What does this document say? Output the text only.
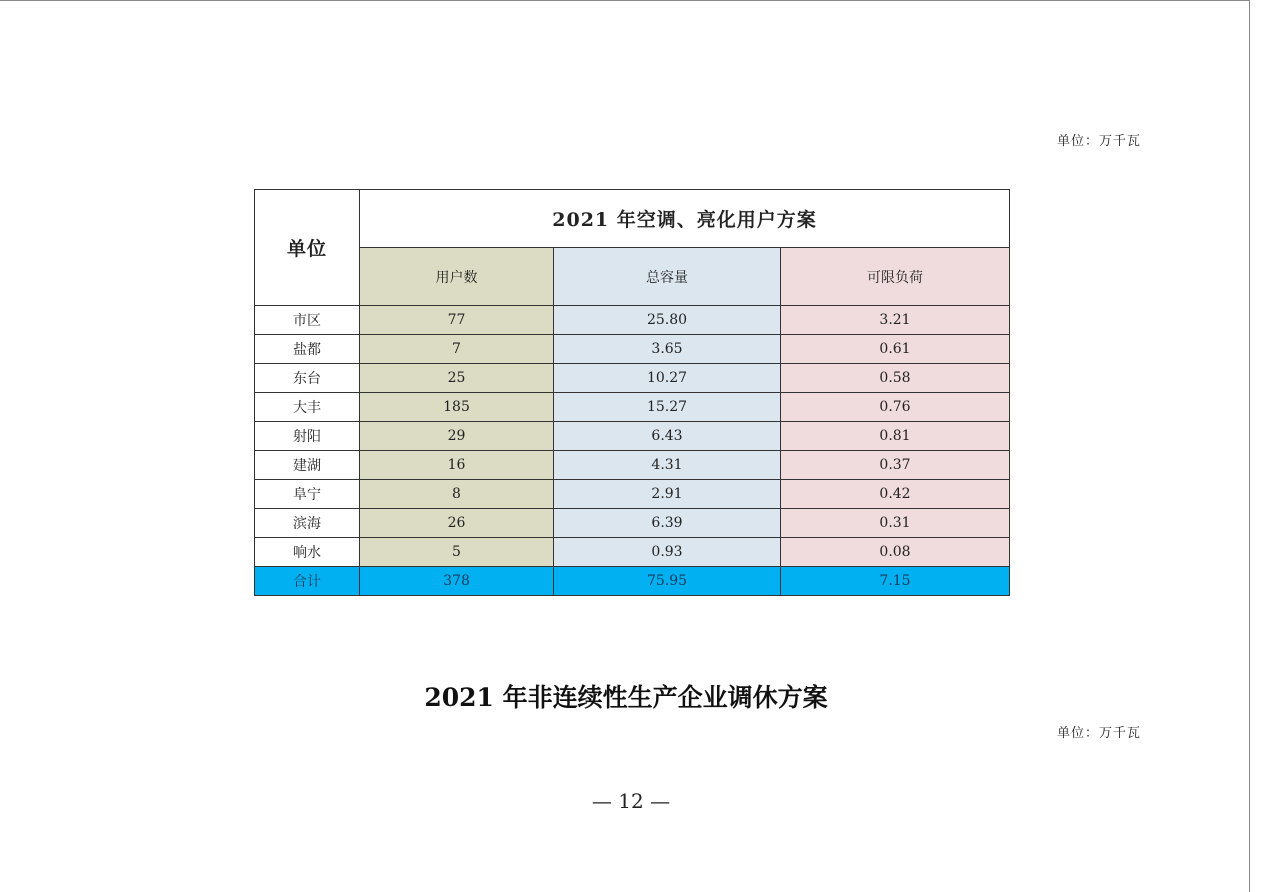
单位：万千瓦
单位	2021 年空调、亮化用户方案		
	用户数	总容量	可限负荷
市区	77	25.80	3.21
盐都	7	3.65	0.61
东台	25	10.27	0.58
大丰	185	15.27	0.76
射阳	29	6.43	0.81
建湖	16	4.31	0.37
阜宁	8	2.91	0.42
滨海	26	6.39	0.31
响水	5	0.93	0.08
合计	378	75.95	7.15
2021 年非连续性生产企业调休方案
单位：万千瓦
— 12 —
